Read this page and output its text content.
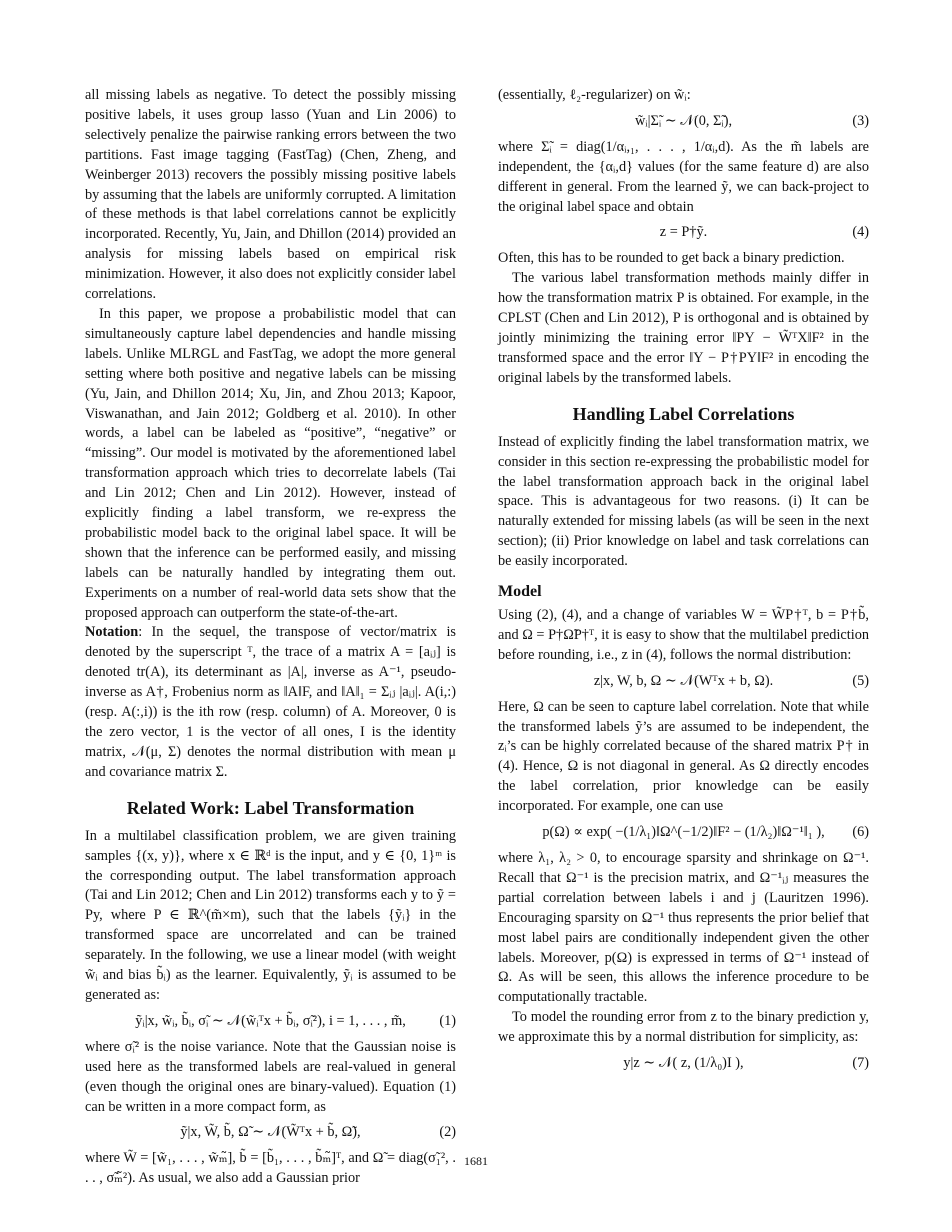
all missing labels as negative. To detect the possibly missing positive labels, it uses group lasso (Yuan and Lin 2006) to selectively penalize the pairwise ranking errors between the two partitions. Fast image tagging (FastTag) (Chen, Zheng, and Weinberger 2013) recovers the possibly missing positive labels by assuming that the labels are uniformly corrupted. A limitation of these methods is that label correlations cannot be explicitly incorporated. Recently, Yu, Jain, and Dhillon (2014) provided an analysis for missing labels based on empirical risk minimization. However, it also does not explicitly consider label correlations.

In this paper, we propose a probabilistic model that can simultaneously capture label dependencies and handle missing labels. Unlike MLRGL and FastTag, we adopt the more general setting where both positive and negative labels can be missing (Yu, Jain, and Dhillon 2014; Xu, Jin, and Zhou 2013; Kapoor, Viswanathan, and Jain 2012; Goldberg et al. 2010). In other words, a label can be labeled as “positive”, “negative” or “missing”. Our model is motivated by the aforementioned label transformation approach which tries to decorrelate labels (Tai and Lin 2012; Chen and Lin 2012). However, instead of explicitly finding a label transform, we re-express the probabilistic model back to the original label space. It will be shown that the inference can be performed easily, and missing labels can be naturally handled by integrating them out. Experiments on a number of real-world data sets show that the proposed approach can outperform the state-of-the-art.

Notation: In the sequel, the transpose of vector/matrix is denoted by the superscript ᵀ, the trace of a matrix A = [aᵢⱼ] is denoted tr(A), its determinant as |A|, inverse as A⁻¹, pseudo-inverse as A†, Frobenius norm as ‖A‖F, and ‖A‖₁ = Σᵢⱼ |aᵢⱼ|. A(i,:) (resp. A(:,i)) is the ith row (resp. column) of A. Moreover, 0 is the zero vector, 1 is the vector of all ones, I is the identity matrix, 𝒩(μ, Σ) denotes the normal distribution with mean μ and covariance matrix Σ.

Related Work: Label Transformation

In a multilabel classification problem, we are given training samples {(x, y)}, where x ∈ ℝᵈ is the input, and y ∈ {0, 1}ᵐ is the corresponding output. The label transformation approach (Tai and Lin 2012; Chen and Lin 2012) transforms each y to ỹ = Py, where P ∈ ℝ^(m̃×m), such that the labels {ỹᵢ} in the transformed space are uncorrelated and can be trained separately. In the following, we use a linear model (with weight w̃ᵢ and bias b̃ᵢ) as the learner. Equivalently, ỹᵢ is assumed to be generated as:

ỹᵢ|x, w̃ᵢ, b̃ᵢ, σ̃ᵢ ∼ 𝒩(w̃ᵢᵀx + b̃ᵢ, σ̃ᵢ²), i = 1, . . . , m̃, (1)

where σ̃ᵢ² is the noise variance. Note that the Gaussian noise is used here as the transformed labels are real-valued in general (even though the original ones are binary-valued). Equation (1) can be written in a more compact form, as

ỹ|x, W̃, b̃, Ω̃ ∼ 𝒩(W̃ᵀx + b̃, Ω̃),	(2)

where W̃ = [w̃₁, . . . , w̃ₘ̃], b̃ = [b̃₁, . . . , b̃ₘ̃]ᵀ, and Ω̃ = diag(σ̃₁², . . . , σ̃ₘ̃²). As usual, we also add a Gaussian prior

(essentially, ℓ₂-regularizer) on w̃ᵢ:

w̃ᵢ|Σ̃ᵢ ∼ 𝒩(0, Σ̃ᵢ),	(3)

where Σ̃ᵢ = diag(1/αᵢ,₁, . . . , 1/αᵢ,d). As the m̃ labels are independent, the {αᵢ,d} values (for the same feature d) are also different in general. From the learned ỹ, we can back-project to the original label space and obtain

z = P†ỹ.	(4)

Often, this has to be rounded to get back a binary prediction.

The various label transformation methods mainly differ in how the transformation matrix P is obtained. For example, in the CPLST (Chen and Lin 2012), P is orthogonal and is obtained by jointly minimizing the training error ‖PY − W̃ᵀX‖F² in the transformed space and the error ‖Y − P†PY‖F² in encoding the original labels by the transformed labels.

Handling Label Correlations

Instead of explicitly finding the label transformation matrix, we consider in this section re-expressing the probabilistic model for the label transformation approach back in the original label space. This is advantageous for two reasons. (i) It can be naturally extended for missing labels (as will be seen in the next section); (ii) Prior knowledge on label and task correlations can be easily incorporated.

Model

Using (2), (4), and a change of variables W = W̃P†ᵀ, b = P†b̃, and Ω = P†Ω̃P†ᵀ, it is easy to show that the multilabel prediction before rounding, i.e., z in (4), follows the normal distribution:

z|x, W, b, Ω ∼ 𝒩(Wᵀx + b, Ω).	(5)

Here, Ω can be seen to capture label correlation. Note that while the transformed labels ỹ’s are assumed to be independent, the zᵢ’s can be highly correlated because of the shared matrix P† in (4). Hence, Ω is not diagonal in general. As Ω directly encodes the label correlation, prior knowledge can be easily incorporated. For example, one can use

p(Ω) ∝ exp( −(1/λ₁)‖Ω^(−1/2)‖F² − (1/λ₂)‖Ω⁻¹‖₁ ), (6)

where λ₁, λ₂ > 0, to encourage sparsity and shrinkage on Ω⁻¹. Recall that Ω⁻¹ is the precision matrix, and Ω⁻¹ᵢⱼ measures the partial correlation between labels i and j (Lauritzen 1996). Encouraging sparsity on Ω⁻¹ thus represents the prior belief that most label pairs are conditionally independent given the other labels. Moreover, p(Ω) is expressed in terms of Ω⁻¹ instead of Ω. As will be seen, this allows the inference procedure to be computationally tractable.

To model the rounding error from z to the binary prediction y, we approximate this by a normal distribution for simplicity, as:

y|z ∼ 𝒩( z, (1/λ₀)I ),	(7)
1681
